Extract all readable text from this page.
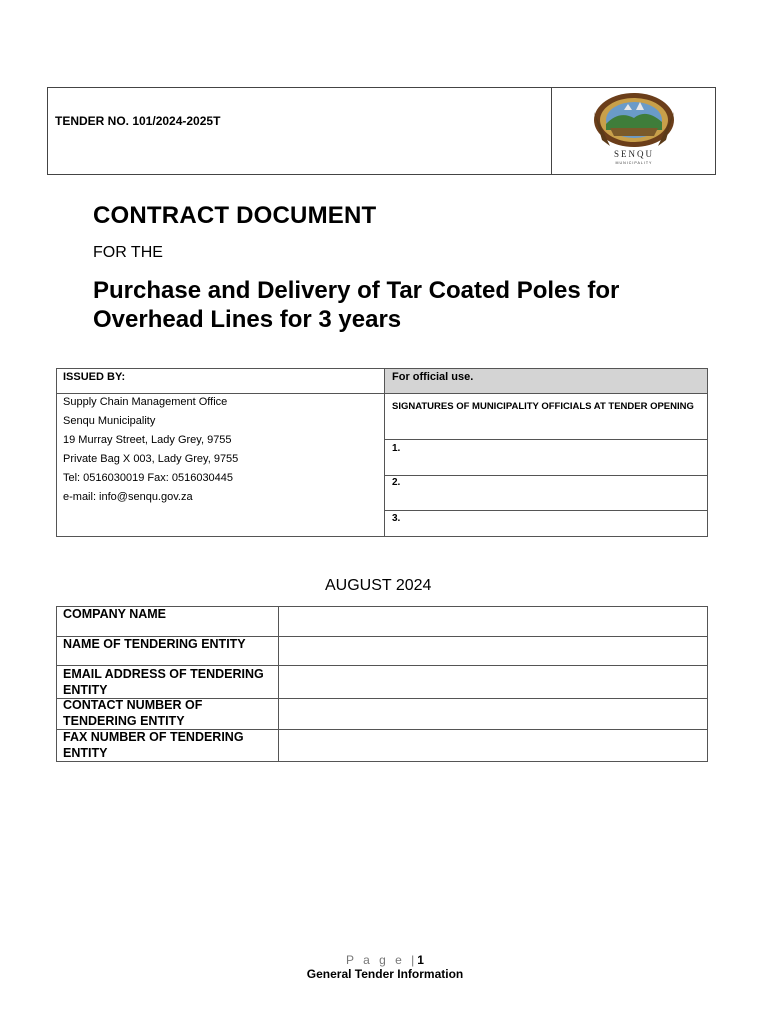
TENDER NO. 101/2024-2025T
SENQU
MUNICIPALITY
CONTRACT DOCUMENT
FOR THE
Purchase and Delivery of Tar Coated Poles for
Overhead Lines for 3 years
ISSUED BY:	For official use.
Supply Chain Management Office
Senqu Municipality
19 Murray Street, Lady Grey, 9755
Private Bag X 003, Lady Grey, 9755
Tel: 0516030019 Fax: 0516030445
e-mail: info@senqu.gov.za
SIGNATURES OF MUNICIPALITY OFFICIALS AT TENDER OPENING
1.
2.
3.
AUGUST 2024
COMPANY NAME
NAME OF TENDERING ENTITY
EMAIL ADDRESS OF TENDERING ENTITY
CONTACT NUMBER OF TENDERING ENTITY
FAX NUMBER OF TENDERING ENTITY
P a g e |1
General Tender Information
